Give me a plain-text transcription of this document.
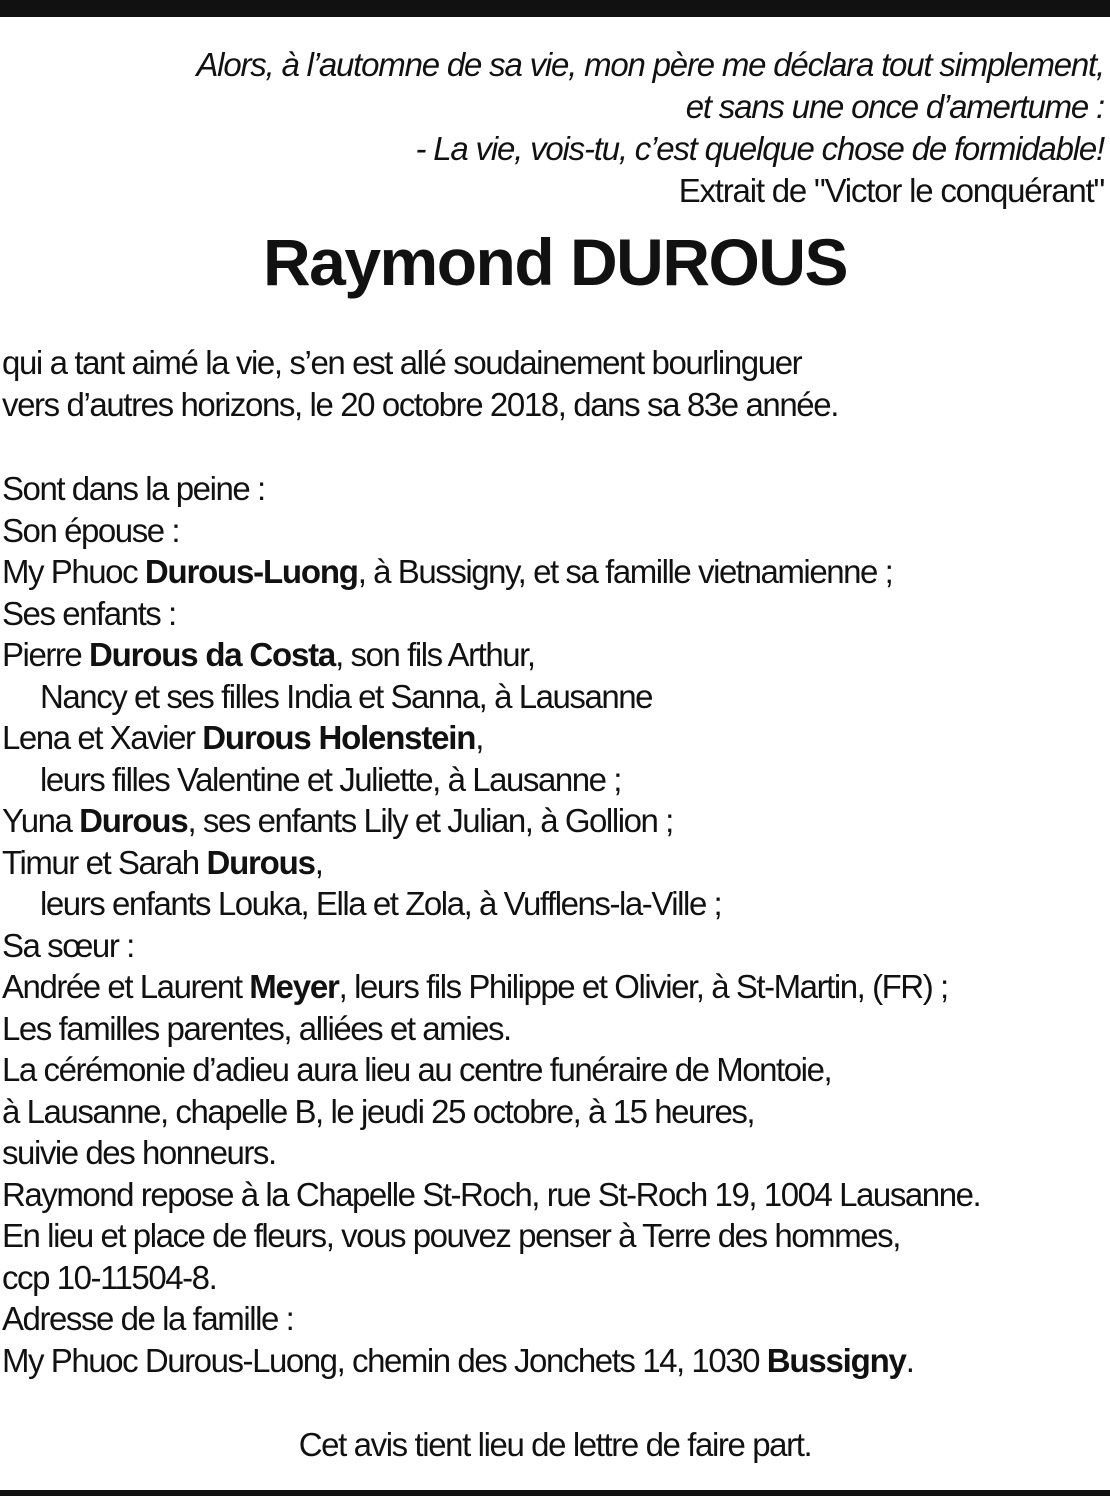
Alors, à l’automne de sa vie, mon père me déclara tout simplement,
et sans une once d’amertume :
- La vie, vois-tu, c’est quelque chose de formidable!
Extrait de "Victor le conquérant"
Raymond DUROUS
qui a tant aimé la vie, s’en est allé soudainement bourlinguer
vers d’autres horizons, le 20 octobre 2018, dans sa 83e année.
Sont dans la peine :
Son épouse :
My Phuoc Durous-Luong, à Bussigny, et sa famille vietnamienne ;
Ses enfants :
Pierre Durous da Costa, son fils Arthur,
Nancy et ses filles India et Sanna, à Lausanne
Lena et Xavier Durous Holenstein,
leurs filles Valentine et Juliette, à Lausanne ;
Yuna Durous, ses enfants Lily et Julian, à Gollion ;
Timur et Sarah Durous,
leurs enfants Louka, Ella et Zola, à Vufflens-la-Ville ;
Sa sœur :
Andrée et Laurent Meyer, leurs fils Philippe et Olivier, à St-Martin, (FR) ;
Les familles parentes, alliées et amies.
La cérémonie d’adieu aura lieu au centre funéraire de Montoie,
à Lausanne, chapelle B, le jeudi 25 octobre, à 15 heures,
suivie des honneurs.
Raymond repose à la Chapelle St-Roch, rue St-Roch 19, 1004 Lausanne.
En lieu et place de fleurs, vous pouvez penser à Terre des hommes,
ccp 10-11504-8.
Adresse de la famille :
My Phuoc Durous-Luong, chemin des Jonchets 14, 1030 Bussigny.
Cet avis tient lieu de lettre de faire part.
